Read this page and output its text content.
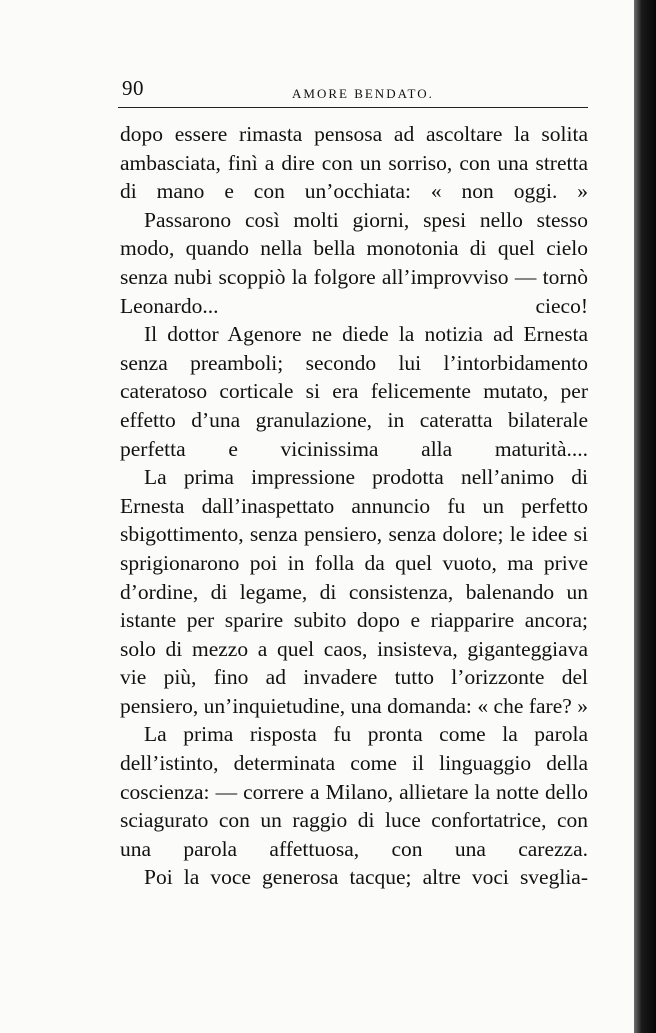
90	AMORE BENDATO.

dopo essere rimasta pensosa ad ascoltare la solita ambasciata, finì a dire con un sorriso, con una stretta di mano e con un’occhiata: « non oggi. »

Passarono così molti giorni, spesi nello stesso modo, quando nella bella monotonia di quel cielo senza nubi scoppiò la folgore all’improvviso — tornò Leonardo... cieco!

Il dottor Agenore ne diede la notizia ad Ernesta senza preamboli; secondo lui l’intorbidamento cateratoso corticale si era felicemente mutato, per effetto d’una granulazione, in cateratta bilaterale perfetta e vicinissima alla maturità....

La prima impressione prodotta nell’animo di Ernesta dall’inaspettato annuncio fu un perfetto sbigottimento, senza pensiero, senza dolore; le idee si sprigionarono poi in folla da quel vuoto, ma prive d’ordine, di legame, di consistenza, balenando un istante per sparire subito dopo e riapparire ancora; solo di mezzo a quel caos, insisteva, giganteggiava vie più, fino ad invadere tutto l’orizzonte del pensiero, un’inquietudine, una domanda: « che fare? »

La prima risposta fu pronta come la parola dell’istinto, determinata come il linguaggio della coscienza: — correre a Milano, allietare la notte dello sciagurato con un raggio di luce confortatrice, con una parola affettuosa, con una carezza.

Poi la voce generosa tacque; altre voci sveglia-
